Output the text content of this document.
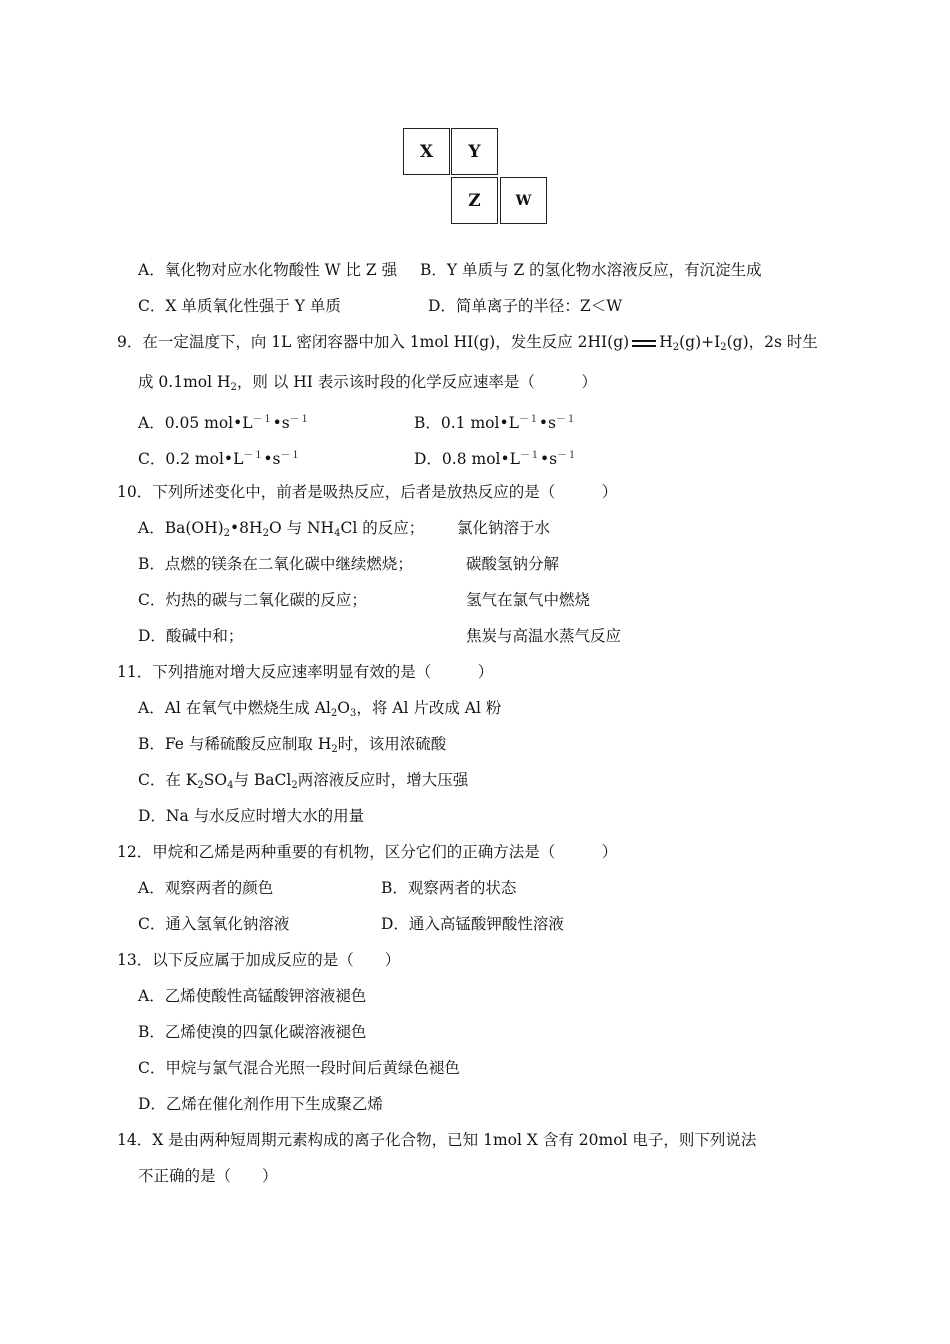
X	Y
Z	W
A．氧化物对应水化物酸性 W 比 Z 强 B．Y 单质与 Z 的氢化物水溶液反应，有沉淀生成
C．X 单质氧化性强于 Y 单质	D．简单离子的半径：Z＜W
9．在一定温度下，向 1L 密闭容器中加入 1mol HI(g)，发生反应 2HI(g) $H_2(g)+I_2(g)$，2s 时生
成 0.1mol $H_2$，则 以 HI 表示该时段的化学反应速率是（　　　）
A．0.05 $mol•L^{-1}•s^{-1}$	B．0.1 $mol•L^{-1}•s^{-1}$
C．0.2 $mol•L^{-1}•s^{-1}$	D．0.8 $mol•L^{-1}•s^{-1}$
10．下列所述变化中，前者是吸热反应，后者是放热反应的是（　　　）
A．$Ba(OH)_2•8H_2O$ 与 $NH_4Cl$ 的反应； 氯化钠溶于水
B．点燃的镁条在二氧化碳中继续燃烧；	碳酸氢钠分解
C．灼热的碳与二氧化碳的反应；	氢气在氯气中燃烧
D．酸碱中和；	焦炭与高温水蒸气反应
11．下列措施对增大反应速率明显有效的是（　　　）
A．Al 在氧气中燃烧生成 $Al_2O_3$，将 Al 片改成 Al 粉
B．Fe 与稀硫酸反应制取 $H_2$时，该用浓硫酸
C．在 $K_2SO_4$与 BaCl$_2$两溶液反应时，增大压强
D．Na 与水反应时增大水的用量
12．甲烷和乙烯是两种重要的有机物，区分它们的正确方法是（　　　）
A．观察两者的颜色	B．观察两者的状态
C．通入氢氧化钠溶液	D．通入高锰酸钾酸性溶液
13．以下反应属于加成反应的是（　　）
A．乙烯使酸性高锰酸钾溶液褪色
B．乙烯使溴的四氯化碳溶液褪色
C．甲烷与氯气混合光照一段时间后黄绿色褪色
D．乙烯在催化剂作用下生成聚乙烯
14．X 是由两种短周期元素构成的离子化合物，已知 1mol X 含有 20mol 电子，则下列说法
不正确的是（　　）
